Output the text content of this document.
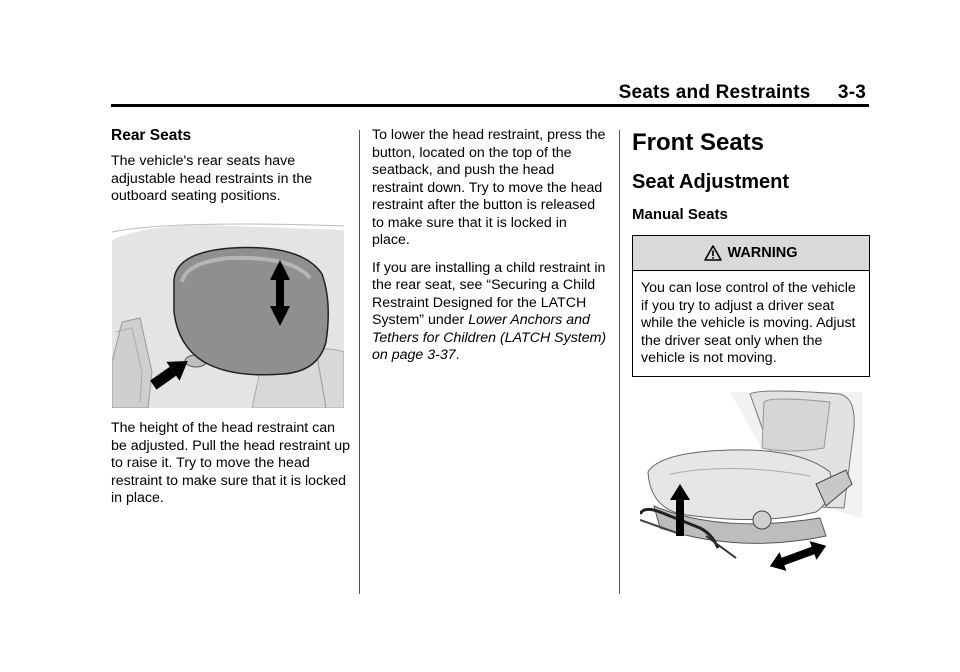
Seats and Restraints     3-3
Rear Seats
The vehicle's rear seats have adjustable head restraints in the outboard seating positions.
The height of the head restraint can be adjusted. Pull the head restraint up to raise it. Try to move the head restraint to make sure that it is locked in place.
To lower the head restraint, press the button, located on the top of the seatback, and push the head restraint down. Try to move the head restraint after the button is released to make sure that it is locked in place.
If you are installing a child restraint in the rear seat, see “Securing a Child Restraint Designed for the LATCH System” under Lower Anchors and Tethers for Children (LATCH System) on page 3-37.
Front Seats
Seat Adjustment
Manual Seats
WARNING
You can lose control of the vehicle if you try to adjust a driver seat while the vehicle is moving. Adjust the driver seat only when the vehicle is not moving.
